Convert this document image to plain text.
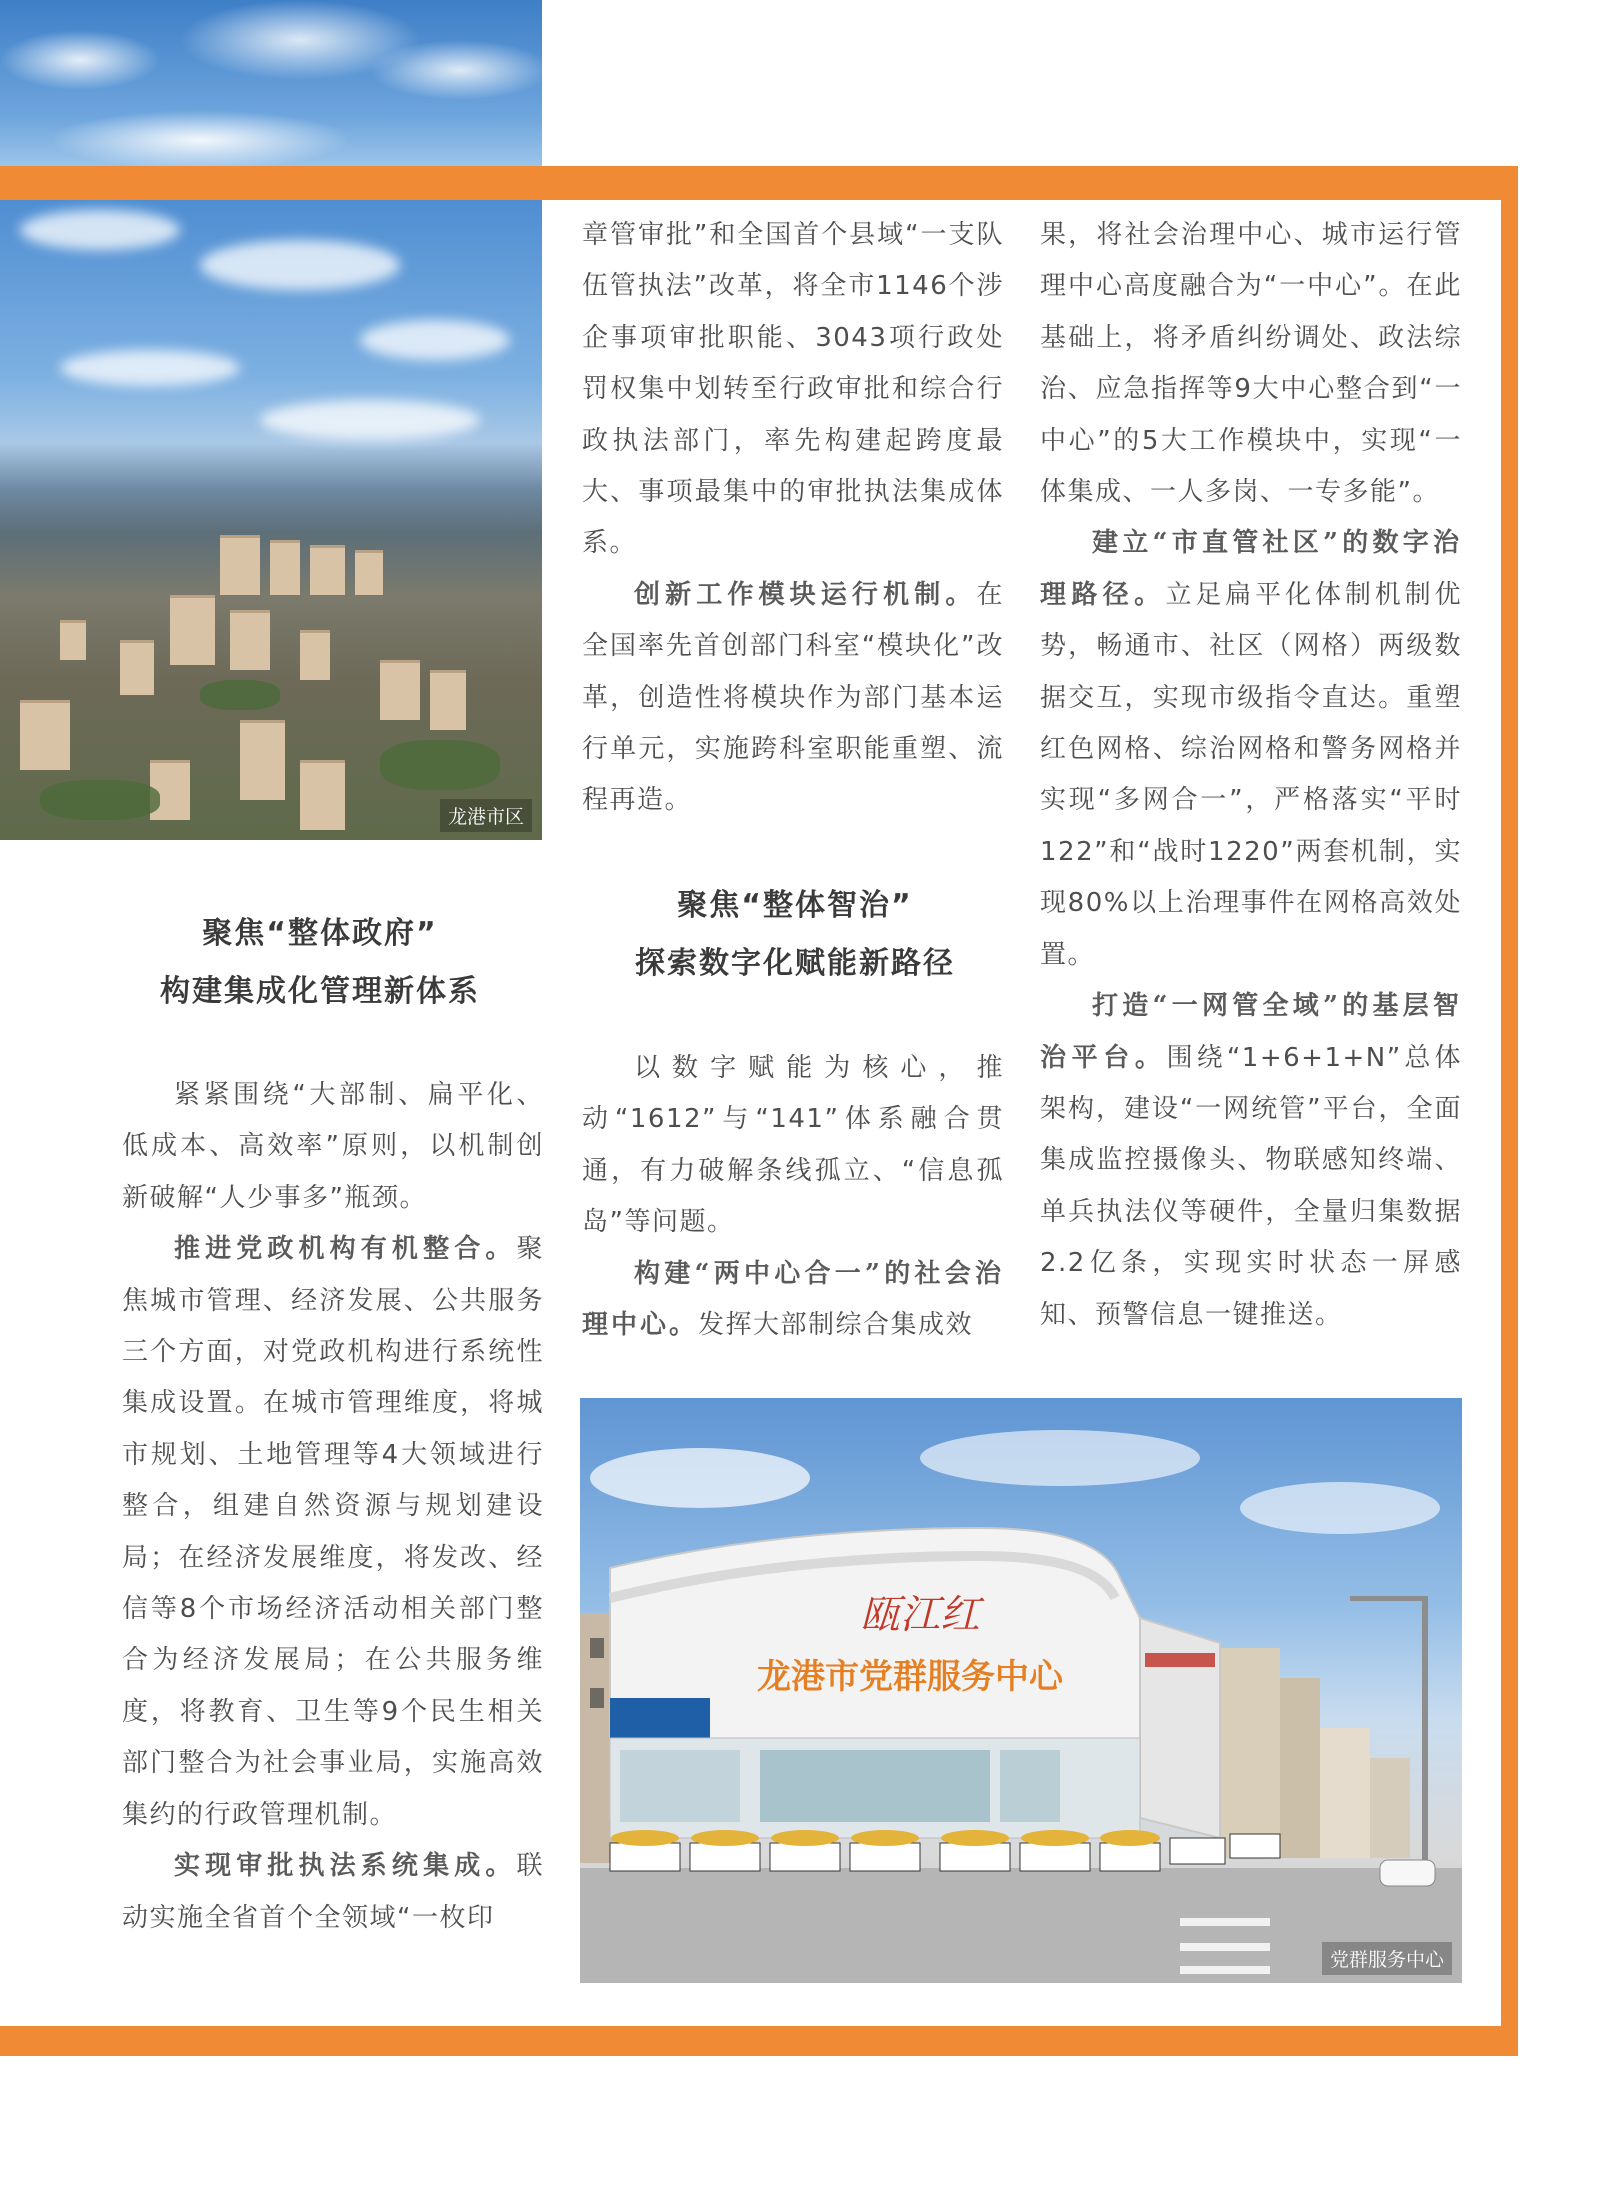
龙港市区
聚焦“整体政府”
构建集成化管理新体系

紧紧围绕“大部制、扁平化、低成本、高效率”原则，以机制创新破解“人少事多”瓶颈。

推进党政机构有机整合。聚焦城市管理、经济发展、公共服务三个方面，对党政机构进行系统性集成设置。在城市管理维度，将城市规划、土地管理等4大领域进行整合，组建自然资源与规划建设局；在经济发展维度，将发改、经信等8个市场经济活动相关部门整合为经济发展局；在公共服务维度，将教育、卫生等9个民生相关部门整合为社会事业局，实施高效集约的行政管理机制。

实现审批执法系统集成。联动实施全省首个全领域“一枚印

章管审批”和全国首个县域“一支队伍管执法”改革，将全市1146个涉企事项审批职能、3043项行政处罚权集中划转至行政审批和综合行政执法部门，率先构建起跨度最大、事项最集中的审批执法集成体系。

创新工作模块运行机制。在全国率先首创部门科室“模块化”改革，创造性将模块作为部门基本运行单元，实施跨科室职能重塑、流程再造。

聚焦“整体智治”
探索数字化赋能新路径

以数字赋能为核心，推动“1612”与“141”体系融合贯通，有力破解条线孤立、“信息孤岛”等问题。

构建“两中心合一”的社会治理中心。发挥大部制综合集成效

果，将社会治理中心、城市运行管理中心高度融合为“一中心”。在此基础上，将矛盾纠纷调处、政法综治、应急指挥等9大中心整合到“一中心”的5大工作模块中，实现“一体集成、一人多岗、一专多能”。

建立“市直管社区”的数字治理路径。立足扁平化体制机制优势，畅通市、社区（网格）两级数据交互，实现市级指令直达。重塑红色网格、综治网格和警务网格并实现“多网合一”，严格落实“平时122”和“战时1220”两套机制，实现80%以上治理事件在网格高效处置。

打造“一网管全域”的基层智治平台。围绕“1+6+1+N”总体架构，建设“一网统管”平台，全面集成监控摄像头、物联感知终端、单兵执法仪等硬件，全量归集数据2.2亿条，实现实时状态一屏感知、预警信息一键推送。

瓯江红
龙港市党群服务中心
党群服务中心
